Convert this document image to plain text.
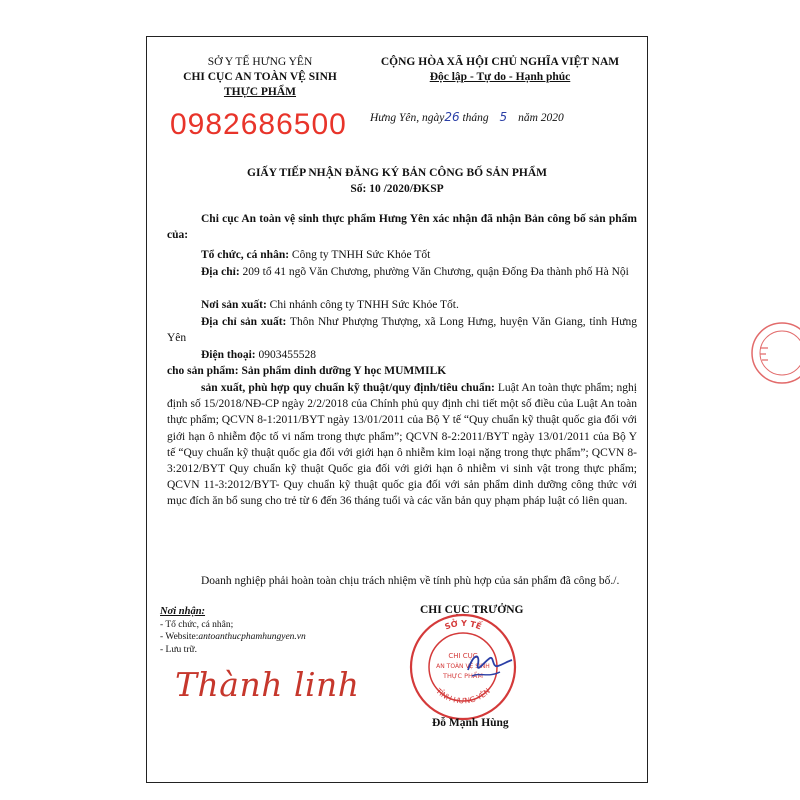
SỞ Y TẾ HƯNG YÊN
CHI CỤC AN TOÀN VỆ SINH
THỰC PHẨM
CỘNG HÒA XÃ HỘI CHỦ NGHĨA VIỆT NAM
Độc lập - Tự do - Hạnh phúc
0982686500 Hưng Yên, ngày26 tháng 5 năm 2020
GIẤY TIẾP NHẬN ĐĂNG KÝ BẢN CÔNG BỐ SẢN PHẨM
Số: 10 /2020/ĐKSP
Chi cục An toàn vệ sinh thực phẩm Hưng Yên xác nhận đã nhận Bản công bố sản phẩm của:
Tổ chức, cá nhân: Công ty TNHH Sức Khỏe Tốt
Địa chỉ: 209 tổ 41 ngõ Văn Chương, phường Văn Chương, quận Đống Đa thành phố Hà Nội
Nơi sản xuất: Chi nhánh công ty TNHH Sức Khỏe Tốt.
Địa chỉ sản xuất: Thôn Như Phượng Thượng, xã Long Hưng, huyện Văn Giang, tỉnh Hưng Yên
Điện thoại: 0903455528
cho sản phẩm: Sản phẩm dinh dưỡng Y học MUMMILK
sản xuất, phù hợp quy chuẩn kỹ thuật/quy định/tiêu chuẩn: Luật An toàn thực phẩm; nghị định số 15/2018/NĐ-CP ngày 2/2/2018 của Chính phủ quy định chi tiết một số điều của Luật An toàn thực phẩm; QCVN 8-1:2011/BYT ngày 13/01/2011 của Bộ Y tế “Quy chuẩn kỹ thuật quốc gia đối với giới hạn ô nhiễm độc tố vi nấm trong thực phẩm”; QCVN 8-2:2011/BYT ngày 13/01/2011 của Bộ Y tế “Quy chuẩn kỹ thuật quốc gia đối với giới hạn ô nhiễm kim loại nặng trong thực phẩm”; QCVN 8-3:2012/BYT Quy chuẩn kỹ thuật Quốc gia đối với giới hạn ô nhiễm vi sinh vật trong thực phẩm; QCVN 11-3:2012/BYT- Quy chuẩn kỹ thuật quốc gia đối với sản phẩm dinh dưỡng công thức với mục đích ăn bổ sung cho trẻ từ 6 đến 36 tháng tuổi và các văn bản quy phạm pháp luật có liên quan.
Doanh nghiệp phải hoàn toàn chịu trách nhiệm về tính phù hợp của sản phẩm đã công bố./.
Nơi nhận:
- Tổ chức, cá nhân;
- Website:antoanthucphamhungyen.vn
- Lưu trữ.
CHI CỤC TRƯỞNG
SỞ Y TẾ
TỈNH HƯNG YÊN
CHI CỤC
AN TOÀN VỆ SINH
THỰC PHẨM
Đỗ Mạnh Hùng
Thành linh
